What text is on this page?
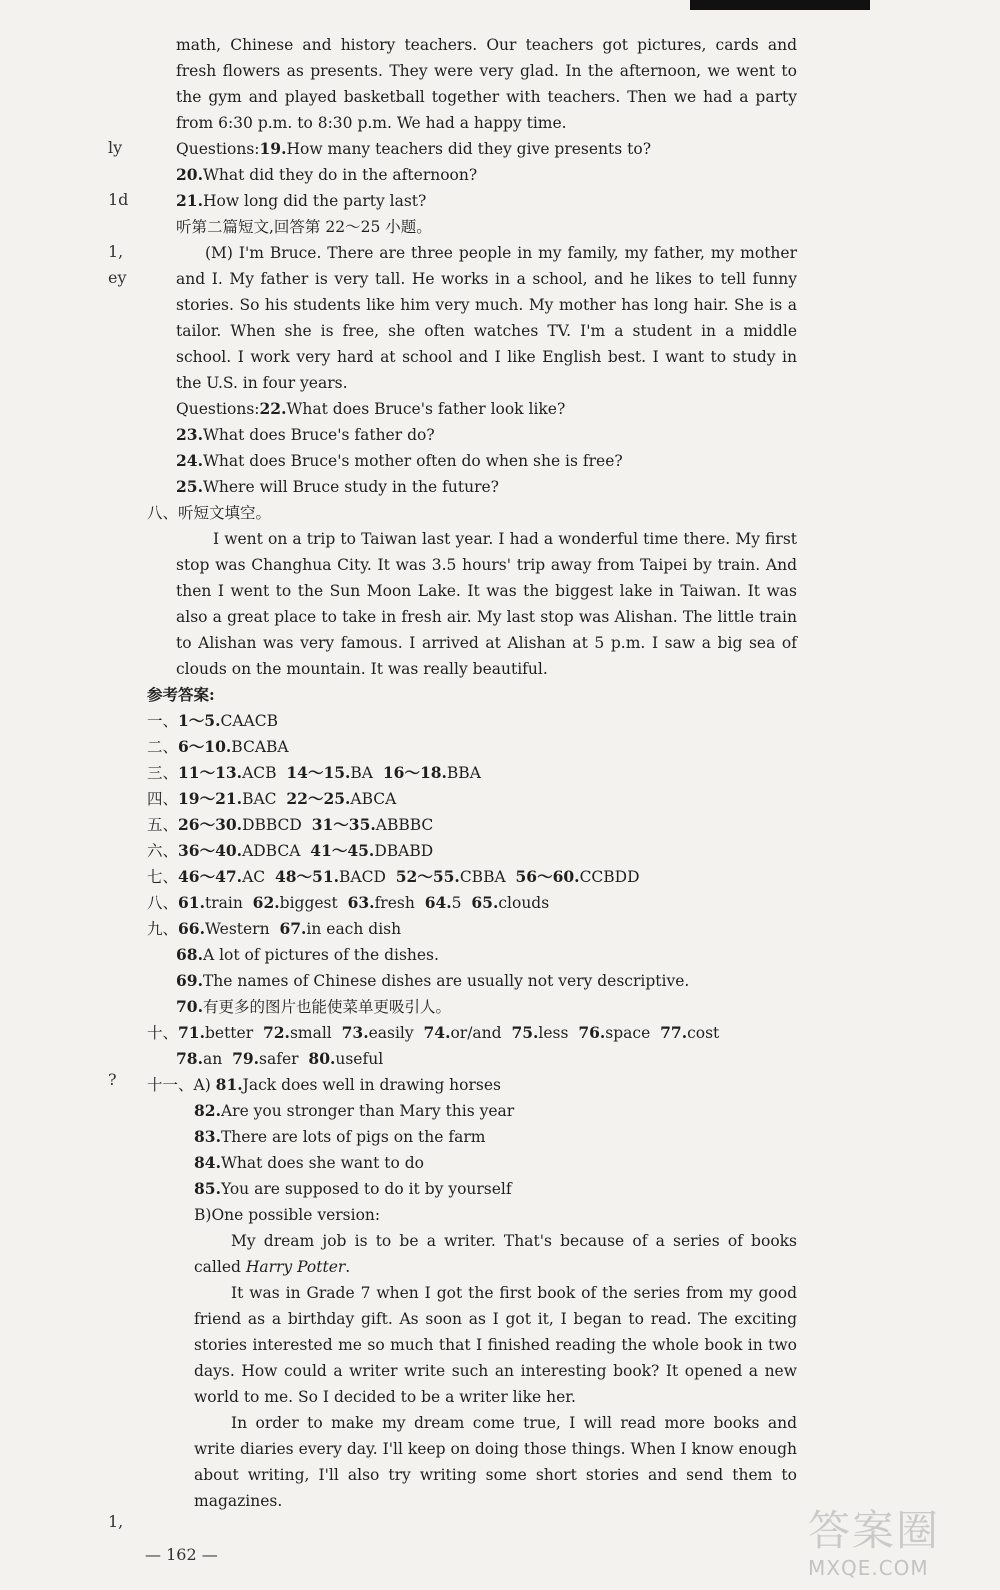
ly
1d
1,
ey
?
1,

math, Chinese and history teachers. Our teachers got pictures, cards and fresh flowers as presents. They were very glad. In the afternoon, we went to the gym and played basketball together with teachers. Then we had a party from 6:30 p.m. to 8:30 p.m. We had a happy time.

Questions:19.How many teachers did they give presents to?

20.What did they do in the afternoon?

21.How long did the party last?

听第二篇短文,回答第 22～25 小题。

(M) I'm Bruce. There are three people in my family, my father, my mother and I. My father is very tall. He works in a school, and he likes to tell funny stories. So his students like him very much. My mother has long hair. She is a tailor. When she is free, she often watches TV. I'm a student in a middle school. I work very hard at school and I like English best. I want to study in the U.S. in four years.

Questions:22.What does Bruce's father look like?

23.What does Bruce's father do?

24.What does Bruce's mother often do when she is free?

25.Where will Bruce study in the future?

八、听短文填空。

I went on a trip to Taiwan last year. I had a wonderful time there. My first stop was Changhua City. It was 3.5 hours' trip away from Taipei by train. And then I went to the Sun Moon Lake. It was the biggest lake in Taiwan. It was also a great place to take in fresh air. My last stop was Alishan. The little train to Alishan was very famous. I arrived at Alishan at 5 p.m. I saw a big sea of clouds on the mountain. It was really beautiful.

参考答案:

一、1～5.CAACB

二、6～10.BCABA

三、11～13.ACB 14～15.BA 16～18.BBA

四、19～21.BAC 22～25.ABCA

五、26～30.DBBCD 31～35.ABBBC

六、36～40.ADBCA 41～45.DBABD

七、46～47.AC 48～51.BACD 52～55.CBBA 56～60.CCBDD

八、61.train 62.biggest 63.fresh 64.5 65.clouds

九、66.Western 67.in each dish

68.A lot of pictures of the dishes.

69.The names of Chinese dishes are usually not very descriptive.

70.有更多的图片也能使菜单更吸引人。

十、71.better 72.small 73.easily 74.or/and 75.less 76.space 77.cost

78.an 79.safer 80.useful

十一、A) 81.Jack does well in drawing horses

82.Are you stronger than Mary this year

83.There are lots of pigs on the farm

84.What does she want to do

85.You are supposed to do it by yourself

B)One possible version:

My dream job is to be a writer. That's because of a series of books called Harry Potter.

It was in Grade 7 when I got the first book of the series from my good friend as a birthday gift. As soon as I got it, I began to read. The exciting stories interested me so much that I finished reading the whole book in two days. How could a writer write such an interesting book? It opened a new world to me. So I decided to be a writer like her.

In order to make my dream come true, I will read more books and write diaries every day. I'll keep on doing those things. When I know enough about writing, I'll also try writing some short stories and send them to magazines.

— 162 —	答案圈
MXQE.COM
